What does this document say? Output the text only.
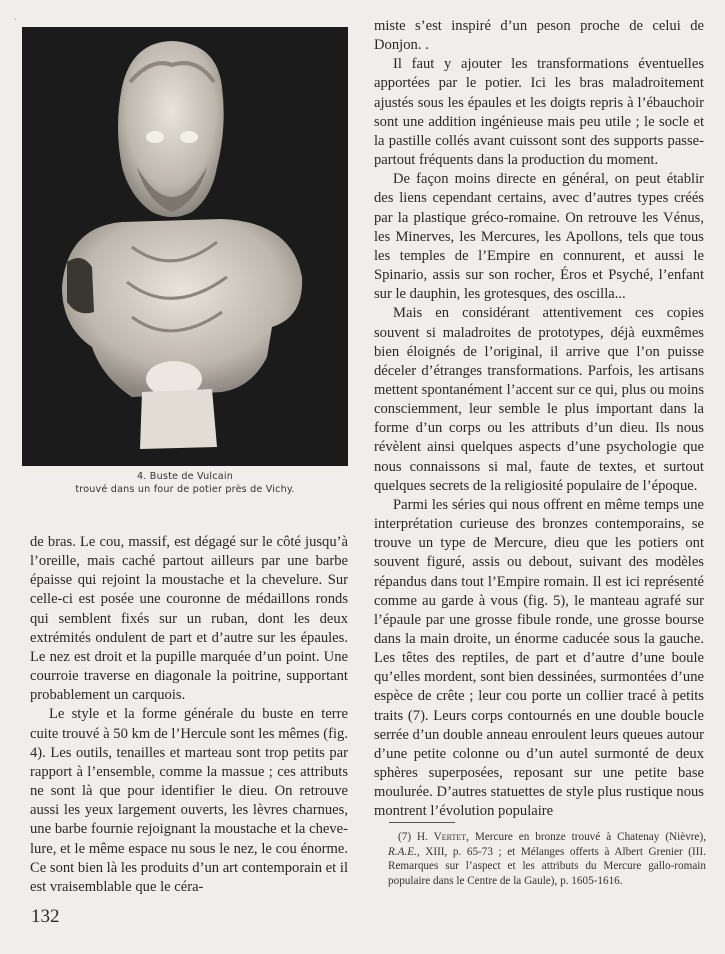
·
4. Buste de Vulcain
trouvé dans un four de potier près de Vichy.

miste s’est inspiré d’un peson proche de celui de Donjon. .

Il faut y ajouter les transformations éventuelles apportées par le potier. Ici les bras maladroitement ajustés sous les épaules et les doigts repris à l’ébauchoir sont une addition ingénieuse mais peu utile ; le socle et la pastille collés avant cuissont sont des supports passe-partout fréquents dans la production du moment.

De façon moins directe en général, on peut établir des liens cependant certains, avec d’autres types créés par la plastique gréco-romaine. On retrouve les Vénus, les Minerves, les Mercures, les Apollons, tels que tous les temples de l’Empire en connurent, et aussi le Spinario, assis sur son rocher, Éros et Psyché, l’enfant sur le dauphin, les grotesques, des oscilla...

Mais en considérant attentivement ces copies souvent si maladroites de prototypes, déjà euxmêmes bien éloignés de l’original, il arrive que l’on puisse déceler d’étranges transformations. Parfois, les artisans mettent spontanément l’accent sur ce qui, plus ou moins consciemment, leur semble le plus important dans la forme d’un corps ou les attributs d’un dieu. Ils nous révèlent ainsi quelques aspects d’une psychologie que nous connaissons si mal, faute de textes, et surtout quelques secrets de la religiosité populaire de l’époque.

Parmi les séries qui nous offrent en même temps une interprétation curieuse des bronzes contemporains, se trouve un type de Mercure, dieu que les potiers ont souvent figuré, assis ou debout, suivant des modèles répandus dans tout l’Empire romain. Il est ici représenté comme au garde à vous (fig. 5), le manteau agrafé sur l’épaule par une grosse fibule ronde, une grosse bourse dans la main droite, un énorme caducée sous la gauche. Les têtes des reptiles, de part et d’autre d’une boule qu’elles mordent, sont bien dessinées, surmontées d’une espèce de crête ; leur cou porte un collier tracé à petits traits (7). Leurs corps contournés en une double boucle serrée d’un double anneau enroulent leurs queues autour d’une petite colonne ou d’un autel surmonté de deux sphères superposées, reposant sur une petite base moulurée. D’autres statuettes de style plus rustique nous montrent l’évolution populaire

de bras. Le cou, massif, est dégagé sur le côté jusqu’à l’oreille, mais caché partout ailleurs par une barbe épaisse qui rejoint la moustache et la chevelure. Sur celle-ci est posée une couronne de médaillons ronds qui semblent fixés sur un ruban, dont les deux extrémités ondulent de part et d’autre sur les épaules. Le nez est droit et la pupille marquée d’un point. Une courroie traverse en diagonale la poitrine, supportant probablement un carquois.

Le style et la forme générale du buste en terre cuite trouvé à 50 km de l’Hercule sont les mêmes (fig. 4). Les outils, tenailles et marteau sont trop petits par rapport à l’ensemble, comme la massue ; ces attributs ne sont là que pour identifier le dieu. On retrouve aussi les yeux largement ouverts, les lèvres charnues, une barbe fournie rejoignant la moustache et la chevelure, et le même espace nu sous le nez, le cou énorme. Ce sont bien là les produits d’un art contemporain et il est vraisemblable que le céra-

(7) H. Vertet, Mercure en bronze trouvé à Chatenay (Nièvre), R.A.E., XIII, p. 65-73 ; et Mélanges offerts à Albert Grenier (III. Remarques sur l’aspect et les attributs du Mercure gallo-romain populaire dans le Centre de la Gaule), p. 1605-1616.
132
